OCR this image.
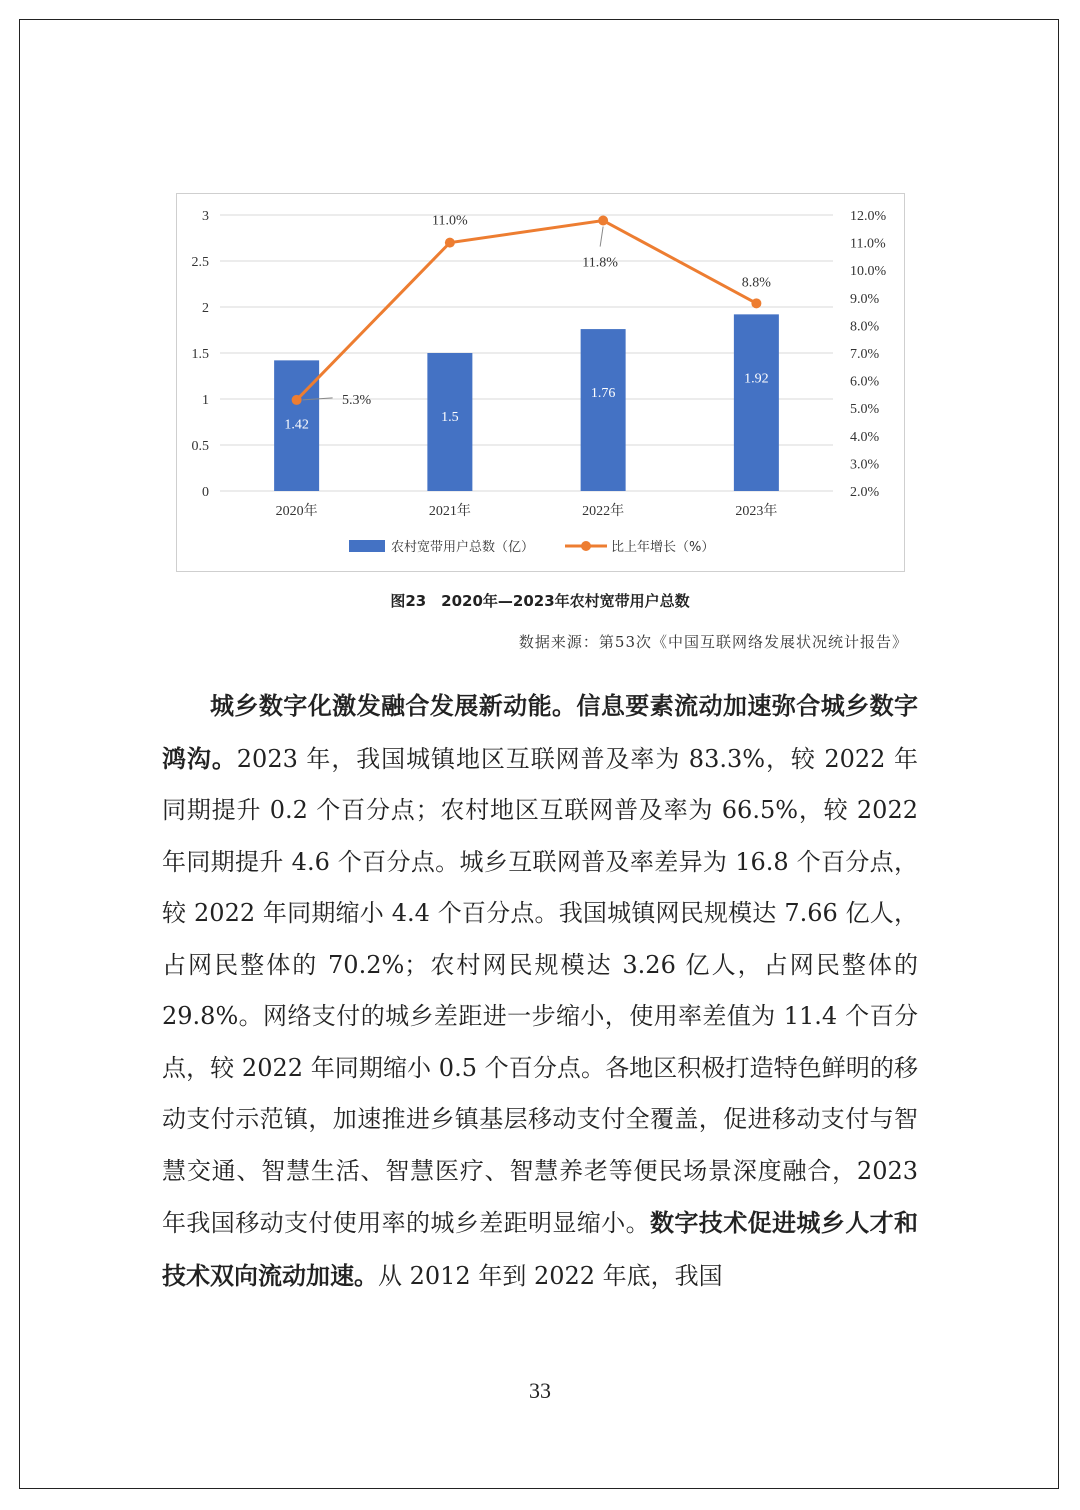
0
0.5
1
1.5
2
2.5
3
2.0%
3.0%
4.0%
5.0%
6.0%
7.0%
8.0%
9.0%
10.0%
11.0%
12.0%
1.42	1.5
1.76
1.92
2020年	2021年	2022年	2023年
5.3%
11.0%
11.8%
8.8%
农村宽带用户总数（亿）	比上年增长（%）
图23　2020年—2023年农村宽带用户总数
数据来源：第53次《中国互联网络发展状况统计报告》

城乡数字化激发融合发展新动能。信息要素流动加速弥合城乡数字鸿沟。2023 年，我国城镇地区互联网普及率为 83.3%，较 2022 年同期提升 0.2 个百分点；农村地区互联网普及率为 66.5%，较 2022 年同期提升 4.6 个百分点。城乡互联网普及率差异为 16.8 个百分点，较 2022 年同期缩小 4.4 个百分点。我国城镇网民规模达 7.66 亿人，占网民整体的 70.2%；农村网民规模达 3.26 亿人，占网民整体的 29.8%。网络支付的城乡差距进一步缩小，使用率差值为 11.4 个百分点，较 2022 年同期缩小 0.5 个百分点。各地区积极打造特色鲜明的移动支付示范镇，加速推进乡镇基层移动支付全覆盖，促进移动支付与智慧交通、智慧生活、智慧医疗、智慧养老等便民场景深度融合，2023 年我国移动支付使用率的城乡差距明显缩小。数字技术促进城乡人才和技术双向流动加速。从 2012 年到 2022 年底，我国

33
